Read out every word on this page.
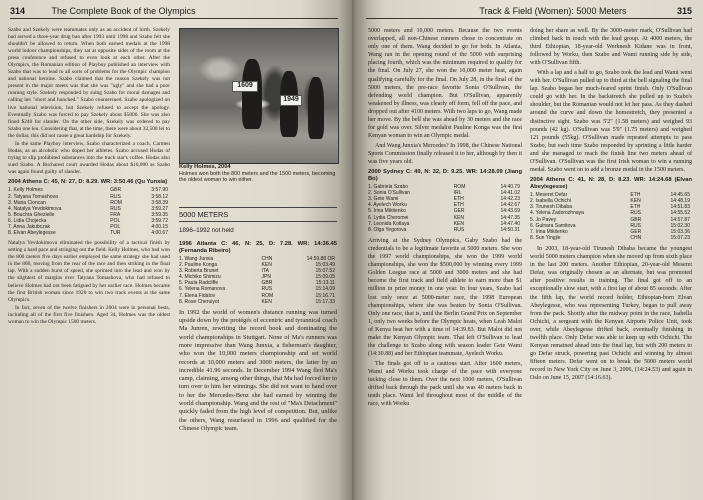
314	The Complete Book of the Olympics

Szabo and Szekely were teammates only as an accident of birth. Szekely had served a three-year drug ban after 1993 until 1998 and Szabo felt she shouldn't be allowed to return. When both earned medals at the 1998 world indoor championships, they sat at opposite sides of the room at the press conference and refused to even look at each other. After the Olympics, the Romanian edition of Playboy published an interview with Szabo that was to lead to all sorts of problems for the Olympic champion and national heroine. Szabo claimed that the reason Szekely was not present in the major meets was that she was "ugly" and she had a poor running style. Szekely responded by suing Szabo for moral damages and calling her "short and hunched." Szabo countersued. Szabo apologized on live national television, but Szekely refused to accept the apology. Eventually Szabo was forced to pay Szekely about $5000. She was also fined $240 for slander. On the other side, Szekely was ordered to pay Szabo one leu. Considering that, at the time, there were about 32,500 lei to the dollar, this did not cause a great hardship for Szekely.

In the same Playboy interview, Szabo characterized a coach, Carmen Hodas, as an alcoholic who doped her athletes. Szabo accused Hodas of trying to slip prohibited substances into the track star's coffee. Hodas also sued Szabo. A Bucharest court awarded Hodas about $10,000 as Szabo was again found guilty of slander.

2004 Athens C: 45, N: 27, D: 8.29. WR: 3:50.46 (Qu Yunxia)
1. Kelly Holmes	GBR	3:57.90
2. Tatyana Tomashova	RUS	3:58.12
3. Maria Cioncan	ROM	3:58.39
4. Natalya Yevdokimova	RUS	3:59.27
5. Bouchra Ghezielle	FRA	3:59.35
6. Lidia Chojecka	POL	3:59.72
7. Anna Jakubczak	POL	4:00.15
8. Elvan Abeylegesse	TUR	4:00.67

Natalya Yevdokimova eliminated the possibility of a tactical finish by setting a hard pace and stringing out the field. Kelly Holmes, who had won the 800 meters five days earlier employed the same strategy she had used in the 800, moving from the rear of the race and then striking in the final lap. With a sudden burst of speed, she sprinted into the lead and won by the slightest of margins over Tatyana Tomashova, who had refused to believe Holmes had not been fatigued by her earlier race. Holmes became the first British woman since 1920 to win two track events at the same Olympics.

In fact, seven of the twelve finishers in 2004 were in personal bests, including all of the first five finishers. Aged 34, Holmes was the oldest woman to win the Olympic 1500 meters.

1609
1949
Kelly Holmes, 2004
Holmes won both the 800 meters and the 1500 meters, becoming the oldest woman to win either.
5000 METERS
1896–1992 not held
1996 Atlanta C: 46, N: 25, D: 7.28. WR: 14:36.45 (Fernanda Ribeiro)
1. Wang Junxia	CHN	14:59.88 OR
2. Pauline Konga	KEN	15:03.49
3. Roberta Brunet	ITA	15:07.52
4. Michiko Shimizu	JPN	15:09.05
5. Paula Radcliffe	GBR	15:13.11
6. Yelena Romanova	RUS	15:14.09
7. Elena Fidatov	ROM	15:16.71
8. Rose Cheruiyot	KEN	15:17.33

In 1992 the world of women's distance running was turned upside down by the protégés of eccentric and tyrannical coach Ma Junren, rewriting the record book and dominating the world championships in Stuttgart. None of Ma's runners was more impressive than Wang Junxia, a fisherman's daughter, who won the 10,000 meters championship and set world records at 10,000 meters and 3000 meters, the latter by an incredible 41.96 seconds. In December 1994 Wang fled Ma's camp, claiming, among other things, that Ma had forced her to turn over to him her winnings. She did not want to hand over to her the Mercedes-Benz she had earned by winning the world championship. Wang and the rest of "Ma's Detachment" quickly faded from the high level of competition. But, unlike the others, Wang resurfaced in 1996 and qualified for the Chinese Olympic team.

Track & Field (Women): 5000 Meters	315

5000 meters and 10,000 meters. Because the two events overlapped, all non-Chinese runners chose to concentrate on only one of them. Wang decided to go for both. In Atlanta, Wang ran in the opening round of the 5000 with surprising placing fourth, which was the minimum required to qualify for the final. On July 27, she won the 10,000 meter heat, again qualifying carefully for the final. On July 28, in the final of the 5000 meters, the pre-race favorite Sonia O'Sullivan, the defending world champion. But O'Sullivan, apparently weakened by illness, was clearly off form, fell off the pace, and dropped out after 4100 meters. With two laps to go, Wang made her move. By the bell she was ahead by 30 meters and the race for gold was over. Silver medalist Pauline Konga was the first Kenyan woman to win an Olympic medal.

And Wang Junxia's Mercedes? In 1998, the Chinese National Sports Commission finally released it to her, although by then it was five years old.

2000 Sydney C: 49, N: 32, D: 9.25. WR: 14:28.09 (Jiang Bo)
1. Gabriela Szabo	ROM	14:40.79
2. Sonia O'Sullivan	IRL	14:41.02
3. Gete Wami	ETH	14:42.23
4. Ayelech Worku	ETH	14:42.67
5. Irina Mikitenko	GER	14:43.59
6. Lydia Cheromei	KEN	14:47.35
7. Leonida Kotlaya	KEN	14:47.40
8. Olga Yegorova	RUS	14:50.31

Arriving at the Sydney Olympics, Gaby Szabo had the credentials to be a legitimate favorite at 5000 meters. She won the 1997 world championships, she won the 1999 world championships, she won the $500,000 by winning every 1999 Golden League race at 5000 and 3000 meters and she had become the first track and field athlete to earn more than $1 million in prize money in one year. In four years, Szabo had lost only once at 5000-meter race, the 1998 European championships, where she was beaten by Sonia O'Sullivan. Only one race, that is, until the Berlin Grand Prix on September 1, only two weeks before the Olympic heats, when Leah Malot of Kenya beat her with a time of 14:39.83. But Malot did not make the Kenyan Olympic team. That left O'Sullivan to lead the challenge to Szabo along with season leader Gete Wami (14:30.88) and her Ethiopian teammate, Ayelech Worku.

The finals got off to a cautious start. After 1600 meters, Wami and Worku took charge of the pace with everyone tucking close to them. Over the next 1000 meters, O'Sullivan drifted back through the pack until she was 40 meters back in tenth place. Wami led throughout most of the middle of the race, with Worku

doing her share as well. By the 3000-meter mark, O'Sullivan had climbed back in touch with the lead group. At 4000 meters, the third Ethiopian, 18-year-old Werknesh Kidane was in front, followed by Worku, then Szabo and Wami running side by side, with O'Sullivan fifth.

With a lap and a half to go, Szabo took the lead and Wami went with her. O'Sullivan pulled up to third at the bell signaling the final lap. Szabo began her much-feared sprint finish. Only O'Sullivan could go with her. In the backstretch she pulled up to Szabo's shoulder, but the Romanian would not let her pass. As they dashed around the curve and down the homestretch, they presented a distinctive sight. Szabo was 5'2" (1.58 meters) and weighed 93 pounds (42 kg). O'Sullivan was 5'9" (1.75 meters) and weighed 121 pounds (55kg). O'Sullivan made repeated attempts to pass Szabo, but each time Szabo responded by sprinting a little harder and she managed to reach the finish line two meters ahead of O'Sullivan. O'Sullivan was the first Irish woman to win a running medal. Szabo went on to add a bronze medal in the 1500 meters.

2004 Athens C: 41, N: 28, D: 8.23. WR: 14:24.68 (Elvan Abeylegesse)
1. Meseret Defar	ETH	14:45.65
2. Isabella Ochichi	KEN	14:48.19
3. Tirunesh Dibaba	ETH	14:51.83
4. Yelena Zadorozhnaya	RUS	14:55.52
5. Jo Pavey	GBR	14:57.87
6. Gulnara Samitova	RUS	15:02.30
7. Irina Mikitenko	GER	15:03.36
8. Sun Yingjie	CHN	15:07.23

In 2003, 18-year-old Tirunesh Dibaba became the youngest world 5000 meters champion when she moved up from sixth place in the last 200 meters. Another Ethiopian, 20-year-old Meseret Defar, was originally chosen as an alternate, but was promoted after positive results in training. The final got off to an exceptionally slow start, with a first lap of about 85 seconds. After the fifth lap, the world record holder, Ethiopian-born Elvan Abeylegesse, who was representing Turkey, began to pull away from the pack. Shortly after the midway point in the race, Isabella Ochichi, a sergeant with the Kenyan Airports Police Unit, took over, while Abeylegesse drifted back, eventually finishing in twelfth place. Only Defar was able to keep up with Ochichi. The Kenyan remained ahead into the final lap, but with 200 meters to go Defar struck, powering past Ochichi and winning by almost fifteen meters. Defar went on to break the 5000 meters world record in New York City on June 3, 2006, (14:24.53) and again in Oslo on June 15, 2007 (14:16.63).
